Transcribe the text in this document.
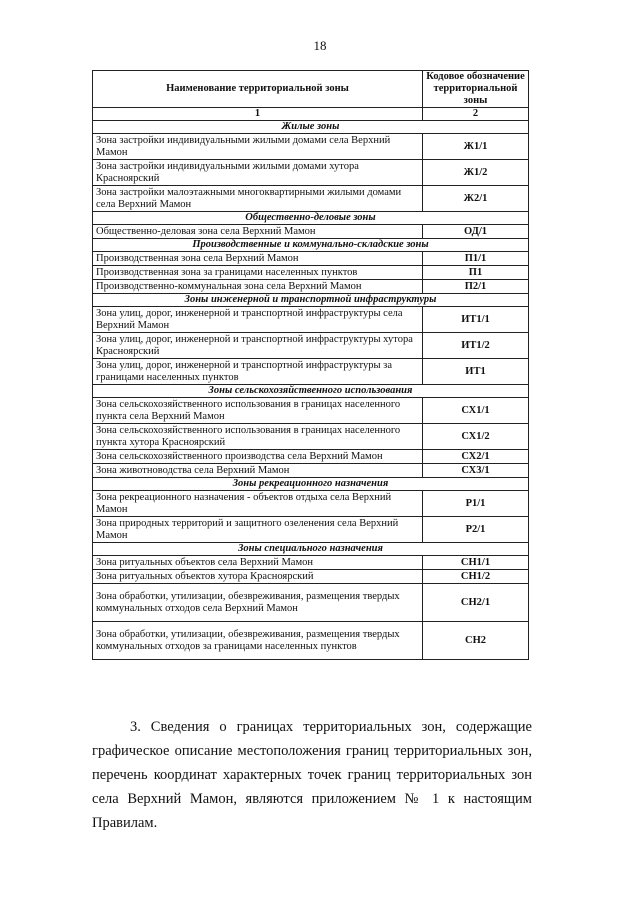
18
Наименование территориальной зоны	Кодовое обозначение территориальной зоны
1	2
Жилые зоны	
Зона застройки индивидуальными жилыми домами села Верхний Мамон	Ж1/1
Зона застройки индивидуальными жилыми домами хутора Красноярский	Ж1/2
Зона застройки малоэтажными многоквартирными жилыми домами села Верхний Мамон	Ж2/1
Общественно-деловые зоны	
Общественно-деловая зона села Верхний Мамон	ОД/1
Производственные и коммунально-складские зоны	
Производственная зона села Верхний Мамон	П1/1
Производственная зона за границами населенных пунктов	П1
Производственно-коммунальная зона села Верхний Мамон	П2/1
Зоны инженерной и транспортной инфраструктуры	
Зона улиц, дорог, инженерной и транспортной инфраструктуры села Верхний Мамон	ИТ1/1
Зона улиц, дорог, инженерной и транспортной инфраструктуры хутора Красноярский	ИТ1/2
Зона улиц, дорог, инженерной и транспортной инфраструктуры за границами населенных пунктов	ИТ1
Зоны сельскохозяйственного использования	
Зона сельскохозяйственного использования в границах населенного пункта села Верхний Мамон	СХ1/1
Зона сельскохозяйственного использования в границах населенного пункта хутора Красноярский	СХ1/2
Зона сельскохозяйственного производства села Верхний Мамон	СХ2/1
Зона животноводства села Верхний Мамон	СХ3/1
Зоны рекреационного назначения	
Зона рекреационного назначения - объектов отдыха села Верхний Мамон	Р1/1
Зона природных территорий и защитного озеленения села Верхний Мамон	Р2/1
Зоны специального назначения	
Зона ритуальных объектов села Верхний Мамон	СН1/1
Зона ритуальных объектов хутора Красноярский	СН1/2
Зона обработки, утилизации, обезвреживания, размещения твердых коммунальных отходов села Верхний Мамон	СН2/1
Зона обработки, утилизации, обезвреживания, размещения твердых коммунальных отходов за границами населенных пунктов	СН2

3. Сведения о границах территориальных зон, содержащие графическое описание местоположения границ территориальных зон, перечень координат характерных точек границ территориальных зон села Верхний Мамон, являются приложением № 1 к настоящим Правилам.
